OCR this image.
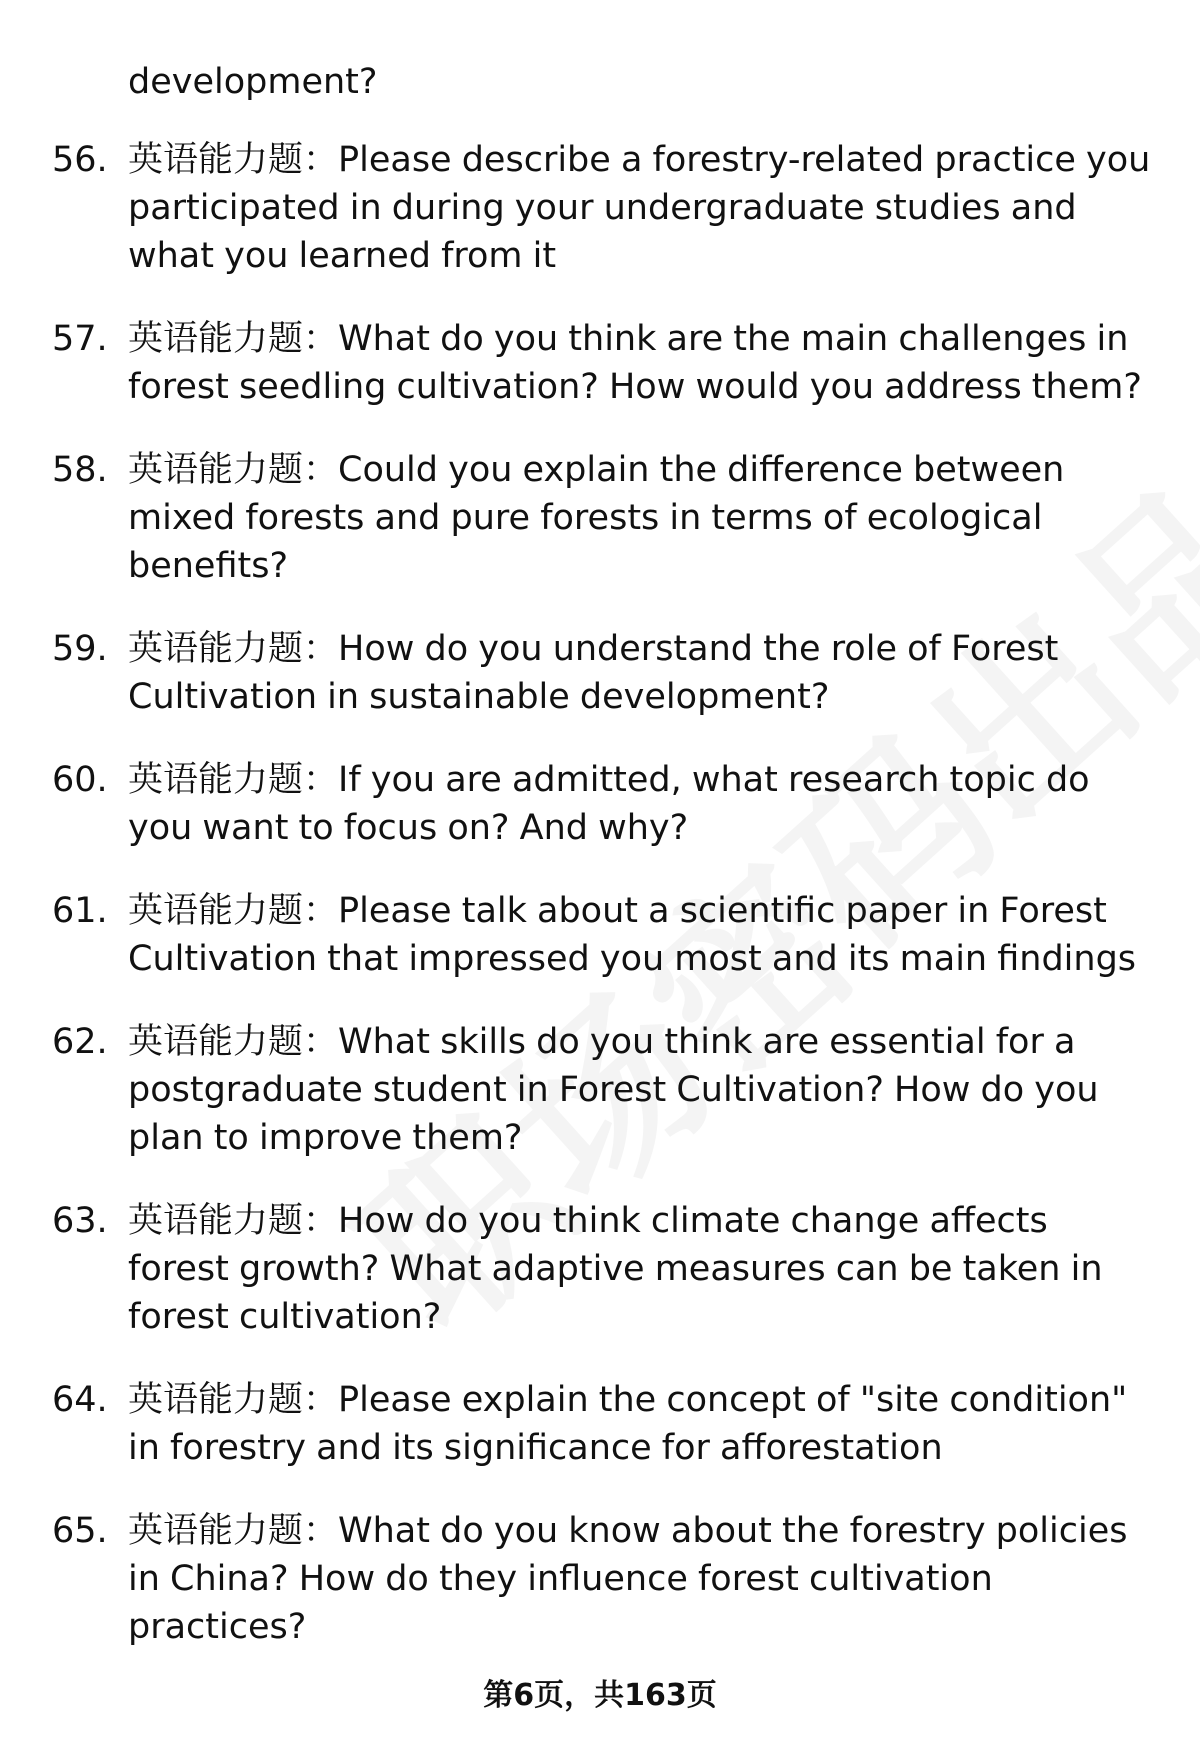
development?
56. 英语能力题：Please describe a forestry-related practice you participated in during your undergraduate studies and what you learned from it
57. 英语能力题：What do you think are the main challenges in forest seedling cultivation? How would you address them?
58. 英语能力题：Could you explain the difference between mixed forests and pure forests in terms of ecological benefits?
59. 英语能力题：How do you understand the role of Forest Cultivation in sustainable development?
60. 英语能力题：If you are admitted, what research topic do you want to focus on? And why?
61. 英语能力题：Please talk about a scientific paper in Forest Cultivation that impressed you most and its main findings
62. 英语能力题：What skills do you think are essential for a postgraduate student in Forest Cultivation? How do you plan to improve them?
63. 英语能力题：How do you think climate change affects forest growth? What adaptive measures can be taken in forest cultivation?
64. 英语能力题：Please explain the concept of "site condition" in forestry and its significance for afforestation
65. 英语能力题：What do you know about the forestry policies in China? How do they influence forest cultivation practices?
第6页，共163页
